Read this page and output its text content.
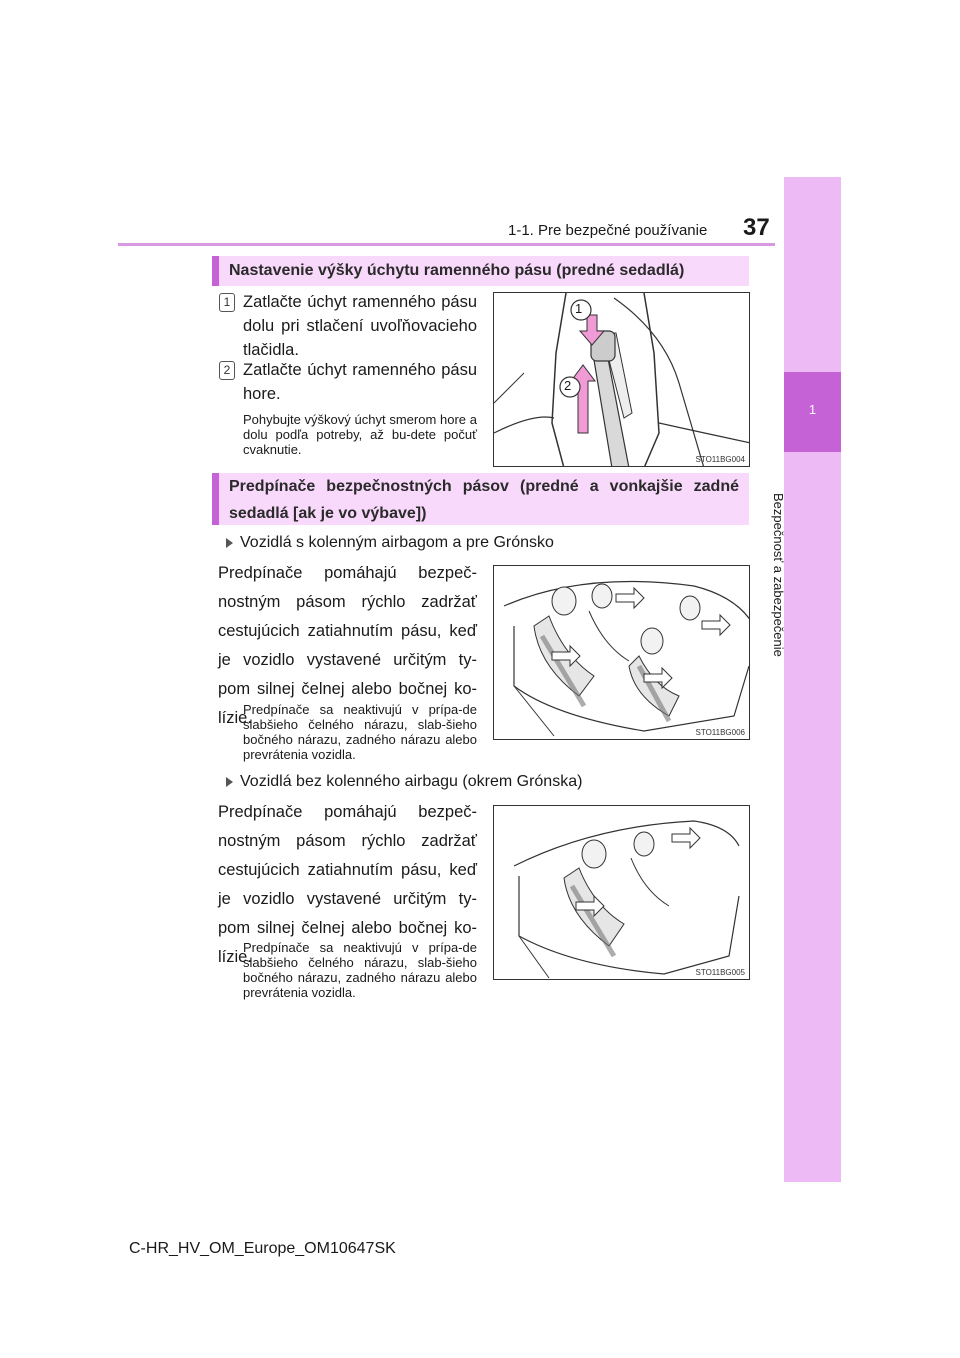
1-1. Pre bezpečné používanie 37
1
Bezpečnosť a zabezpečenie
Nastavenie výšky úchytu ramenného pásu (predné sedadlá)
1 Zatlačte úchyt ramenného pásu dolu pri stlačení uvoľňovacieho tlačidla.
2 Zatlačte úchyt ramenného pásu hore.
Pohybujte výškový úchyt smerom hore a dolu podľa potreby, až bu-dete počuť cvaknutie.
1
2
STO11BG004
Predpínače bezpečnostných pásov (predné a vonkajšie zadné sedadlá [ak je vo výbave])
Vozidlá s kolenným airbagom a pre Grónsko
Predpínače pomáhajú bezpeč-nostným pásom rýchlo zadržať cestujúcich zatiahnutím pásu, keď je vozidlo vystavené určitým ty-pom silnej čelnej alebo bočnej ko-lízie.
Predpínače sa neaktivujú v prípa-de slabšieho čelného nárazu, slab-šieho bočného nárazu, zadného nárazu alebo prevrátenia vozidla.
STO11BG006
Vozidlá bez kolenného airbagu (okrem Grónska)
Predpínače pomáhajú bezpeč-nostným pásom rýchlo zadržať cestujúcich zatiahnutím pásu, keď je vozidlo vystavené určitým ty-pom silnej čelnej alebo bočnej ko-lízie.
Predpínače sa neaktivujú v prípa-de slabšieho čelného nárazu, slab-šieho bočného nárazu, zadného nárazu alebo prevrátenia vozidla.
STO11BG005
C-HR_HV_OM_Europe_OM10647SK
